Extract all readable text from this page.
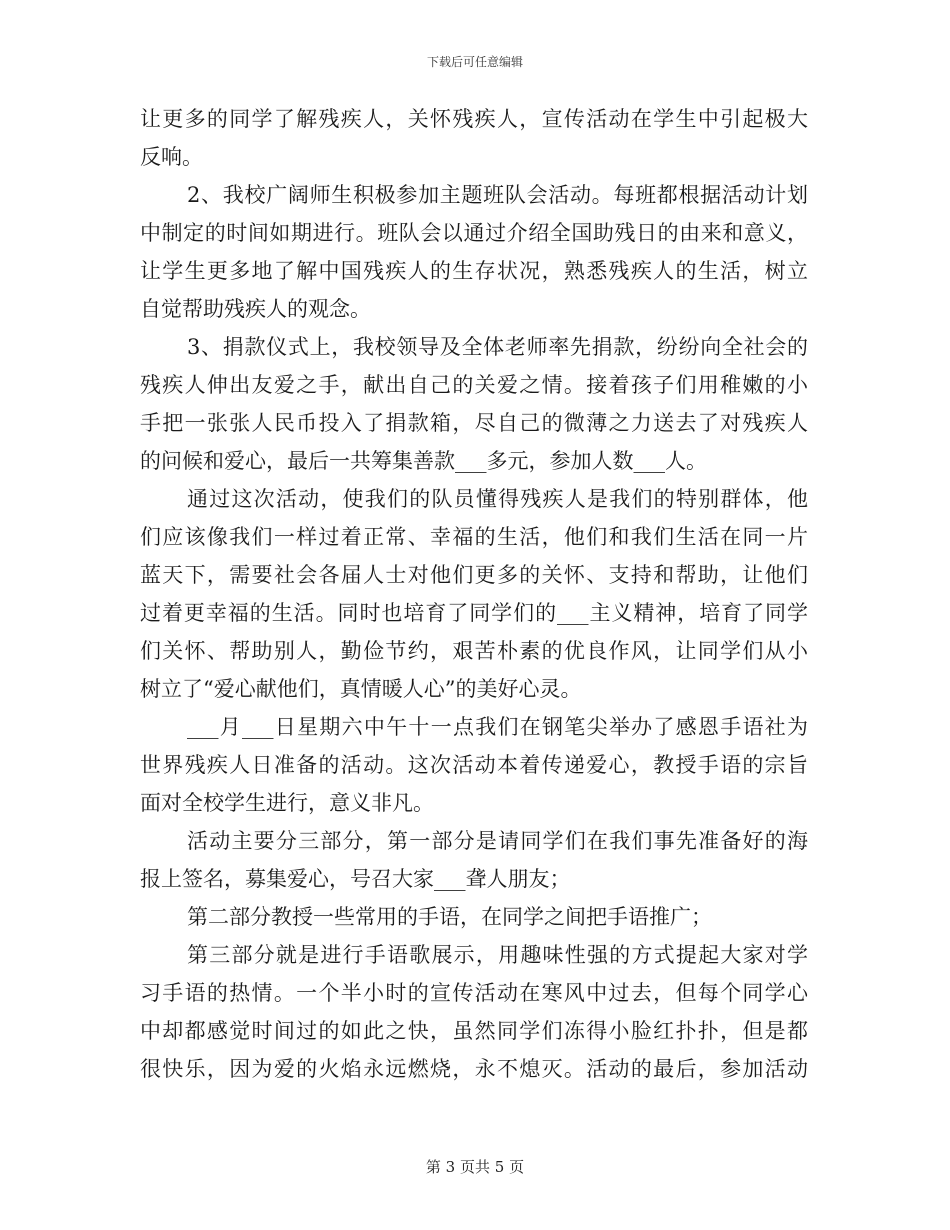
下载后可任意编辑
让更多的同学了解残疾人，关怀残疾人，宣传活动在学生中引起极大
反响。
2、我校广阔师生积极参加主题班队会活动。每班都根据活动计划
中制定的时间如期进行。班队会以通过介绍全国助残日的由来和意义，
让学生更多地了解中国残疾人的生存状况，熟悉残疾人的生活，树立
自觉帮助残疾人的观念。
3、捐款仪式上，我校领导及全体老师率先捐款，纷纷向全社会的
残疾人伸出友爱之手，献出自己的关爱之情。接着孩子们用稚嫩的小
手把一张张人民币投入了捐款箱，尽自己的微薄之力送去了对残疾人
的问候和爱心，最后一共筹集善款___多元，参加人数___人。
通过这次活动，使我们的队员懂得残疾人是我们的特别群体，他
们应该像我们一样过着正常、幸福的生活，他们和我们生活在同一片
蓝天下，需要社会各届人士对他们更多的关怀、支持和帮助，让他们
过着更幸福的生活。同时也培育了同学们的___主义精神，培育了同学
们关怀、帮助别人，勤俭节约，艰苦朴素的优良作风，让同学们从小
树立了“爱心献他们，真情暖人心”的美好心灵。
___月___日星期六中午十一点我们在钢笔尖举办了感恩手语社为
世界残疾人日准备的活动。这次活动本着传递爱心，教授手语的宗旨
面对全校学生进行，意义非凡。
活动主要分三部分，第一部分是请同学们在我们事先准备好的海
报上签名，募集爱心，号召大家___聋人朋友；
第二部分教授一些常用的手语，在同学之间把手语推广；
第三部分就是进行手语歌展示，用趣味性强的方式提起大家对学
习手语的热情。一个半小时的宣传活动在寒风中过去，但每个同学心
中却都感觉时间过的如此之快，虽然同学们冻得小脸红扑扑，但是都
很快乐，因为爱的火焰永远燃烧，永不熄灭。活动的最后，参加活动
第 3 页共 5 页
